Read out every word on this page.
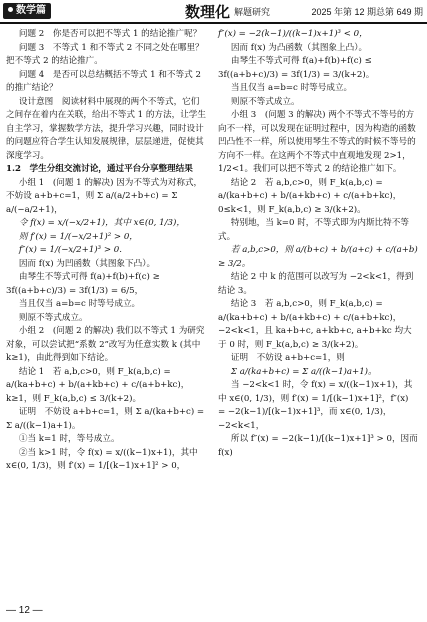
数学篇	数理化 解题研究	2025 年第 12 期总第 649 期

问题 2　你是否可以把不等式 1 的结论推广呢？

问题 3　不等式 1 和不等式 2 不同之处在哪里？把不等式 2 的结论推广。

问题 4　是否可以总结概括不等式 1 和不等式 2 的推广结论？

设计意图　阅读材料中展现的两个不等式，它们之间存在着内在关联，给出不等式 1 的方法，让学生自主学习，掌握数学方法，提升学习兴趣，同时设计的问题应符合学生认知发展规律，层层递进，促使其深度学习。

1.2　学生分组交流讨论，通过平台分享整理结果

小组 1　(问题 1 的解决) 因为不等式为对称式，不妨设 a+b+c=1，则 Σ a/(a/2+b+c) = Σ a/(−a/2+1)，

令 f(x) = x/(−x/2+1)，其中 x∈(0, 1/3)，

则 f′(x) = 1/(−x/2+1)² > 0，

f″(x) = 1/(−x/2+1)³ > 0.

因而 f(x) 为凹函数（其图象下凸）。

由琴生不等式可得 f(a)+f(b)+f(c) ≥ 3f((a+b+c)/3) = 3f(1/3) = 6/5，

当且仅当 a=b=c 时等号成立。

则原不等式成立。

小组 2　(问题 2 的解决) 我们以不等式 1 为研究对象，可以尝试把“系数 2”改写为任意实数 k (其中 k≥1)，由此得到如下结论。

结论 1　若 a,b,c>0，则 F_k(a,b,c) = a/(ka+b+c) + b/(a+kb+c) + c/(a+b+kc)，k≥1，则 F_k(a,b,c) ≤ 3/(k+2)。

证明　不妨设 a+b+c=1，则 Σ a/(ka+b+c) = Σ a/((k−1)a+1)。

①当 k=1 时，等号成立。

②当 k>1 时，令 f(x) = x/((k−1)x+1)，其中 x∈(0, 1/3)，则 f′(x) = 1/[(k−1)x+1]² > 0，

f″(x) = −2(k−1)/((k−1)x+1)³ < 0，

因而 f(x) 为凸函数（其图象上凸）。

由琴生不等式可得 f(a)+f(b)+f(c) ≤ 3f((a+b+c)/3) = 3f(1/3) = 3/(k+2)。

当且仅当 a=b=c 时等号成立。

则原不等式成立。

小组 3　(问题 3 的解决) 两个不等式不等号的方向不一样，可以发现在证明过程中，因为构造的函数凹凸性不一样，所以使用琴生不等式的时候不等号的方向不一样。在这两个不等式中直观地发现 2>1，1/2<1。我们可以把不等式 2 的结论推广如下。

结论 2　若 a,b,c>0，则 F_k(a,b,c) = a/(ka+b+c) + b/(a+kb+c) + c/(a+b+kc)，0≤k<1，则 F_k(a,b,c) ≥ 3/(k+2)。

特别地，当 k=0 时，不等式即为内斯比特不等式。

若 a,b,c>0，则 a/(b+c) + b/(a+c) + c/(a+b) ≥ 3/2。

结论 2 中 k 的范围可以改写为 −2<k<1，得到结论 3。

结论 3　若 a,b,c>0，则 F_k(a,b,c) = a/(ka+b+c) + b/(a+kb+c) + c/(a+b+kc)，−2<k<1，且 ka+b+c, a+kb+c, a+b+kc 均大于 0 时，则 F_k(a,b,c) ≥ 3/(k+2)。

证明　不妨设 a+b+c=1，则

Σ a/(ka+b+c) = Σ a/((k−1)a+1)。

当 −2<k<1 时，令 f(x) = x/((k−1)x+1)，其中 x∈(0, 1/3)，则 f′(x) = 1/[(k−1)x+1]²，f″(x) = −2(k−1)/[(k−1)x+1]³，而 x∈(0, 1/3)，−2<k<1，

所以 f″(x) = −2(k−1)/[(k−1)x+1]³ > 0，因而 f(x)

— 12 —
